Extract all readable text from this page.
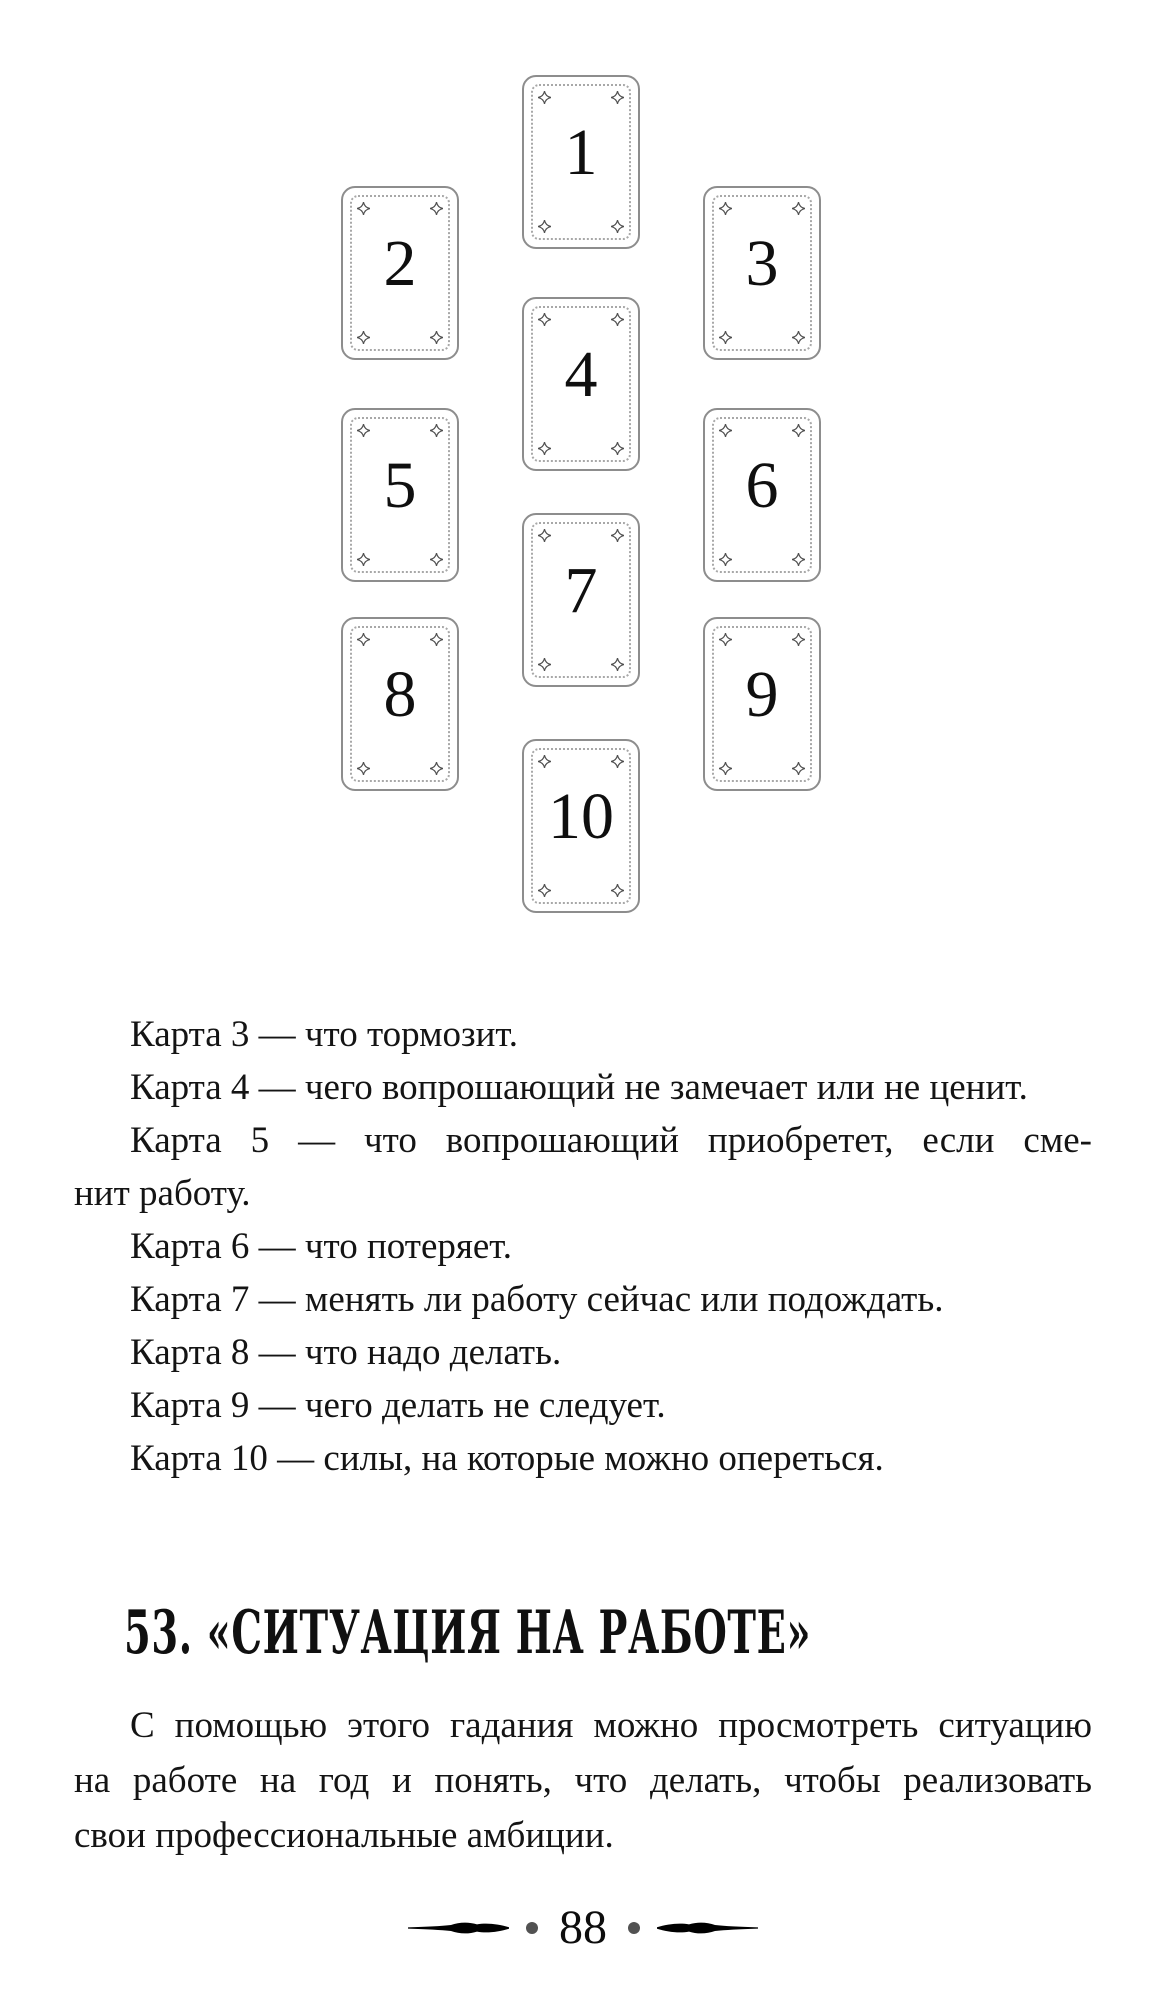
1
2	3
4
5	6
7
8	9
10

Карта 3 — что тормозит.

Карта 4 — чего вопрошающий не замечает или не ценит.

Карта 5 — что вопрошающий приобретет, если сме-

нит работу.

Карта 6 — что потеряет.

Карта 7 — менять ли работу сейчас или подождать.

Карта 8 — что надо делать.

Карта 9 — чего делать не следует.

Карта 10 — силы, на которые можно опереться.

53. «СИТУАЦИЯ НА РАБОТЕ»

С помощью этого гадания можно просмотреть ситуацию

на работе на год и понять, что делать, чтобы реализовать

свои профессиональные амбиции.

88
